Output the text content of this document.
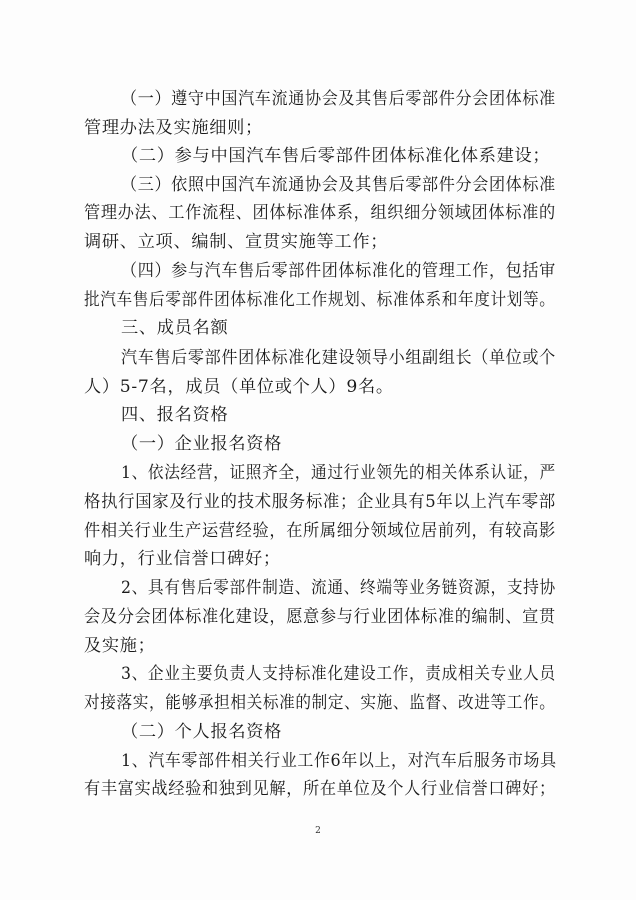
（一）遵守中国汽车流通协会及其售后零部件分会团体标准
管理办法及实施细则；
（二）参与中国汽车售后零部件团体标准化体系建设；
（三）依照中国汽车流通协会及其售后零部件分会团体标准
管理办法、工作流程、团体标准体系，组织细分领域团体标准的
调研、立项、编制、宣贯实施等工作；
（四）参与汽车售后零部件团体标准化的管理工作，包括审
批汽车售后零部件团体标准化工作规划、标准体系和年度计划等。
三、成员名额
汽车售后零部件团体标准化建设领导小组副组长（单位或个
人）5-7名，成员（单位或个人）9名。
四、报名资格
（一）企业报名资格
1、依法经营，证照齐全，通过行业领先的相关体系认证，严
格执行国家及行业的技术服务标准；企业具有5年以上汽车零部
件相关行业生产运营经验，在所属细分领域位居前列，有较高影
响力，行业信誉口碑好；
2、具有售后零部件制造、流通、终端等业务链资源，支持协
会及分会团体标准化建设，愿意参与行业团体标准的编制、宣贯
及实施；
3、企业主要负责人支持标准化建设工作，责成相关专业人员
对接落实，能够承担相关标准的制定、实施、监督、改进等工作。
（二）个人报名资格
1、汽车零部件相关行业工作6年以上，对汽车后服务市场具
有丰富实战经验和独到见解，所在单位及个人行业信誉口碑好；
2
